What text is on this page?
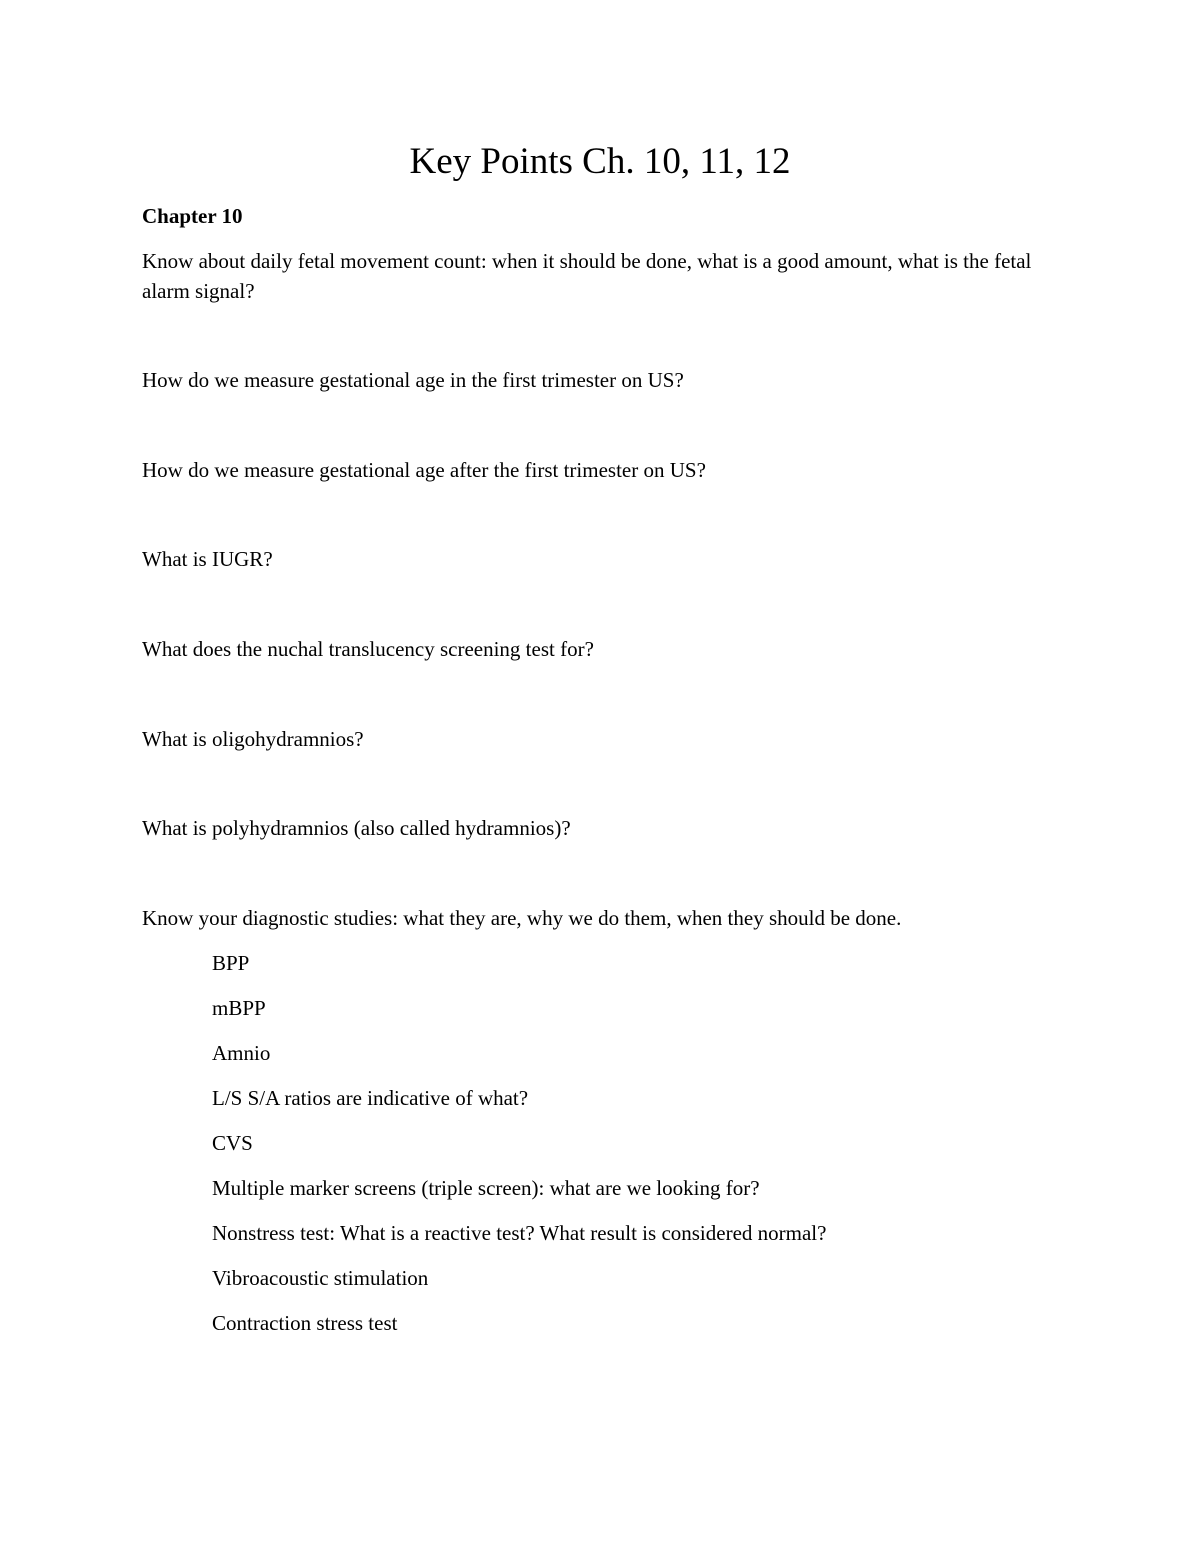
Key Points Ch. 10, 11, 12
Chapter 10

Know about daily fetal movement count: when it should be done, what is a good amount, what is the fetal alarm signal?

How do we measure gestational age in the first trimester on US?

How do we measure gestational age after the first trimester on US?

What is IUGR?

What does the nuchal translucency screening test for?

What is oligohydramnios?

What is polyhydramnios (also called hydramnios)?

Know your diagnostic studies: what they are, why we do them, when they should be done.

BPP

mBPP

Amnio

L/S S/A ratios are indicative of what?

CVS

Multiple marker screens (triple screen): what are we looking for?

Nonstress test: What is a reactive test? What result is considered normal?

Vibroacoustic stimulation

Contraction stress test
